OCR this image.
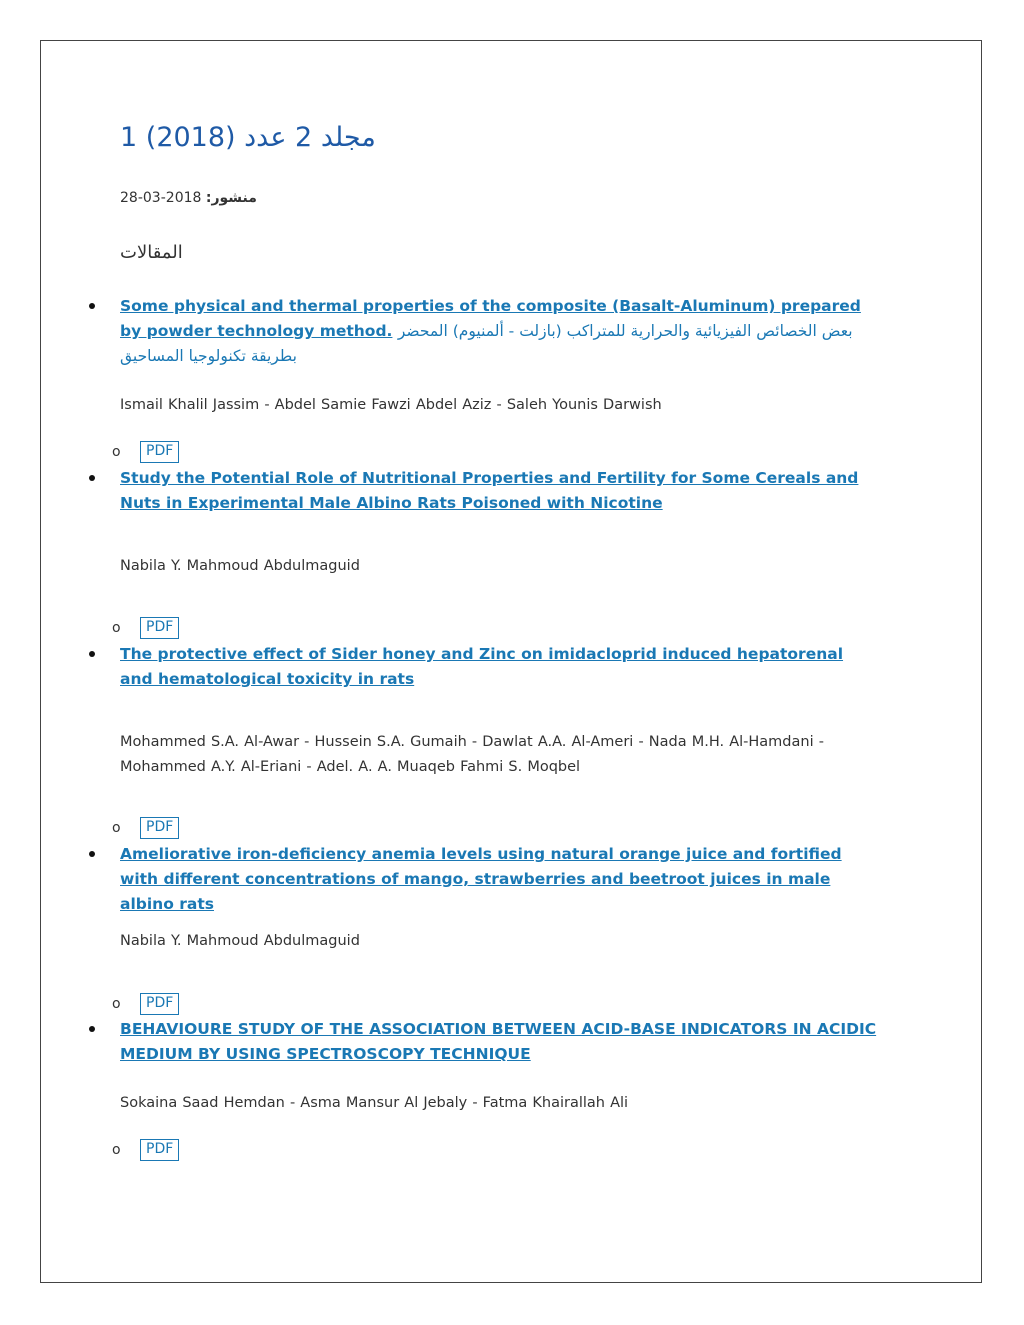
1 مجلد 2 عدد (2018)
منشور: 2018-03-28
المقالات

Some physical and thermal properties of the composite (Basalt-Aluminum) prepared by powder technology method. بعض الخصائص الفيزيائية والحرارية للمتراكب (بازلت - ألمنيوم) المحضر بطريقة تكنولوجيا المساحيق

Ismail Khalil Jassim - Abdel Samie Fawzi Abdel Aziz - Saleh Younis Darwish

o	PDF

Study the Potential Role of Nutritional Properties and Fertility for Some Cereals and Nuts in Experimental Male Albino Rats Poisoned with Nicotine

Nabila Y. Mahmoud Abdulmaguid

o	PDF

The protective effect of Sider honey and Zinc on imidacloprid induced hepatorenal and hematological toxicity in rats

Mohammed S.A. Al-Awar - Hussein S.A. Gumaih - Dawlat A.A. Al-Ameri - Nada M.H. Al-Hamdani - Mohammed A.Y. Al-Eriani - Adel. A. A. Muaqeb Fahmi S. Moqbel

o	PDF

Ameliorative iron-deficiency anemia levels using natural orange juice and fortified with different concentrations of mango, strawberries and beetroot juices in male albino rats

Nabila Y. Mahmoud Abdulmaguid

o	PDF

BEHAVIOURE STUDY OF THE ASSOCIATION BETWEEN ACID-BASE INDICATORS IN ACIDIC MEDIUM BY USING SPECTROSCOPY TECHNIQUE

Sokaina Saad Hemdan - Asma Mansur Al Jebaly - Fatma Khairallah Ali

o	PDF
